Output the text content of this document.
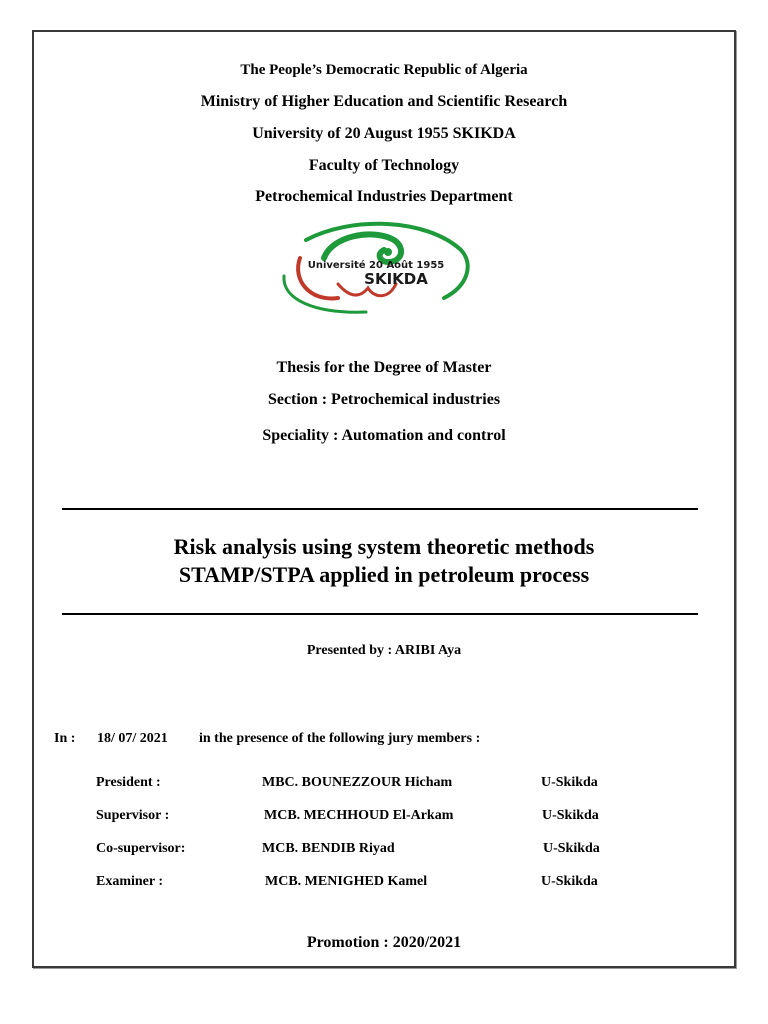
The People’s Democratic Republic of Algeria
Ministry of Higher Education and Scientific Research
University of 20 August 1955 SKIKDA
Faculty of Technology
Petrochemical Industries Department
Université 20 Août 1955
SKIKDA
Thesis for the Degree of Master
Section : Petrochemical industries
Speciality : Automation and control
Risk analysis using system theoretic methods
STAMP/STPA applied in petroleum process
Presented by : ARIBI Aya
In : 18/ 07/ 2021 in the presence of the following jury members :
President :	MBC. BOUNEZZOUR Hicham	U-Skikda
Supervisor :	MCB. MECHHOUD El-Arkam	U-Skikda
Co-supervisor:	MCB. BENDIB Riyad	U-Skikda
Examiner :	MCB. MENIGHED Kamel	U-Skikda
Promotion : 2020/2021
